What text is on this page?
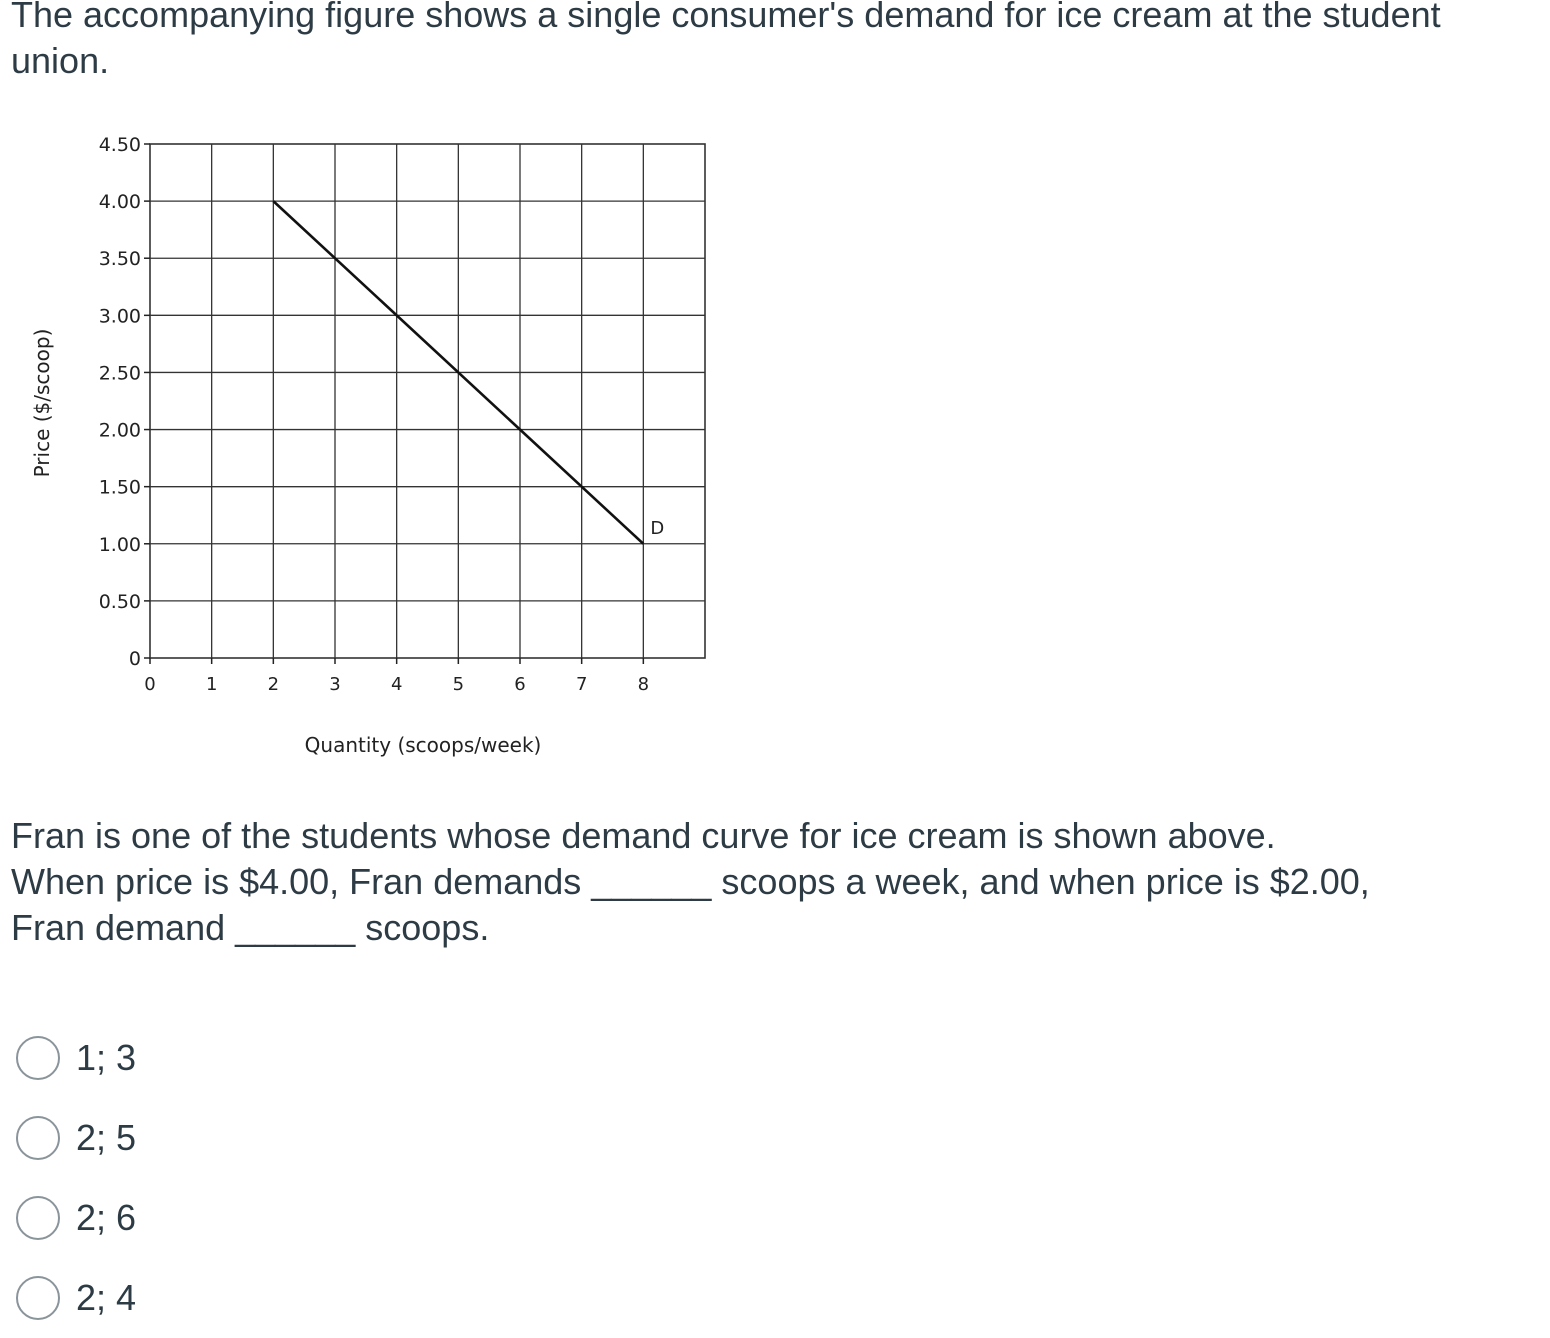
The accompanying figure shows a single consumer's demand for ice cream at the student union.

0
0.50
1.00
1.50
2.00
2.50
3.00
3.50
4.00
4.50
0	1	2	3	4	5	6	7	8
Quantity (scoops/week)
Price ($/scoop)
D

Fran is one of the students whose demand curve for ice cream is shown above.
When price is $4.00, Fran demands ______ scoops a week, and when price is $2.00,
Fran demand ______ scoops.

1; 3
2; 5
2; 6
2; 4
